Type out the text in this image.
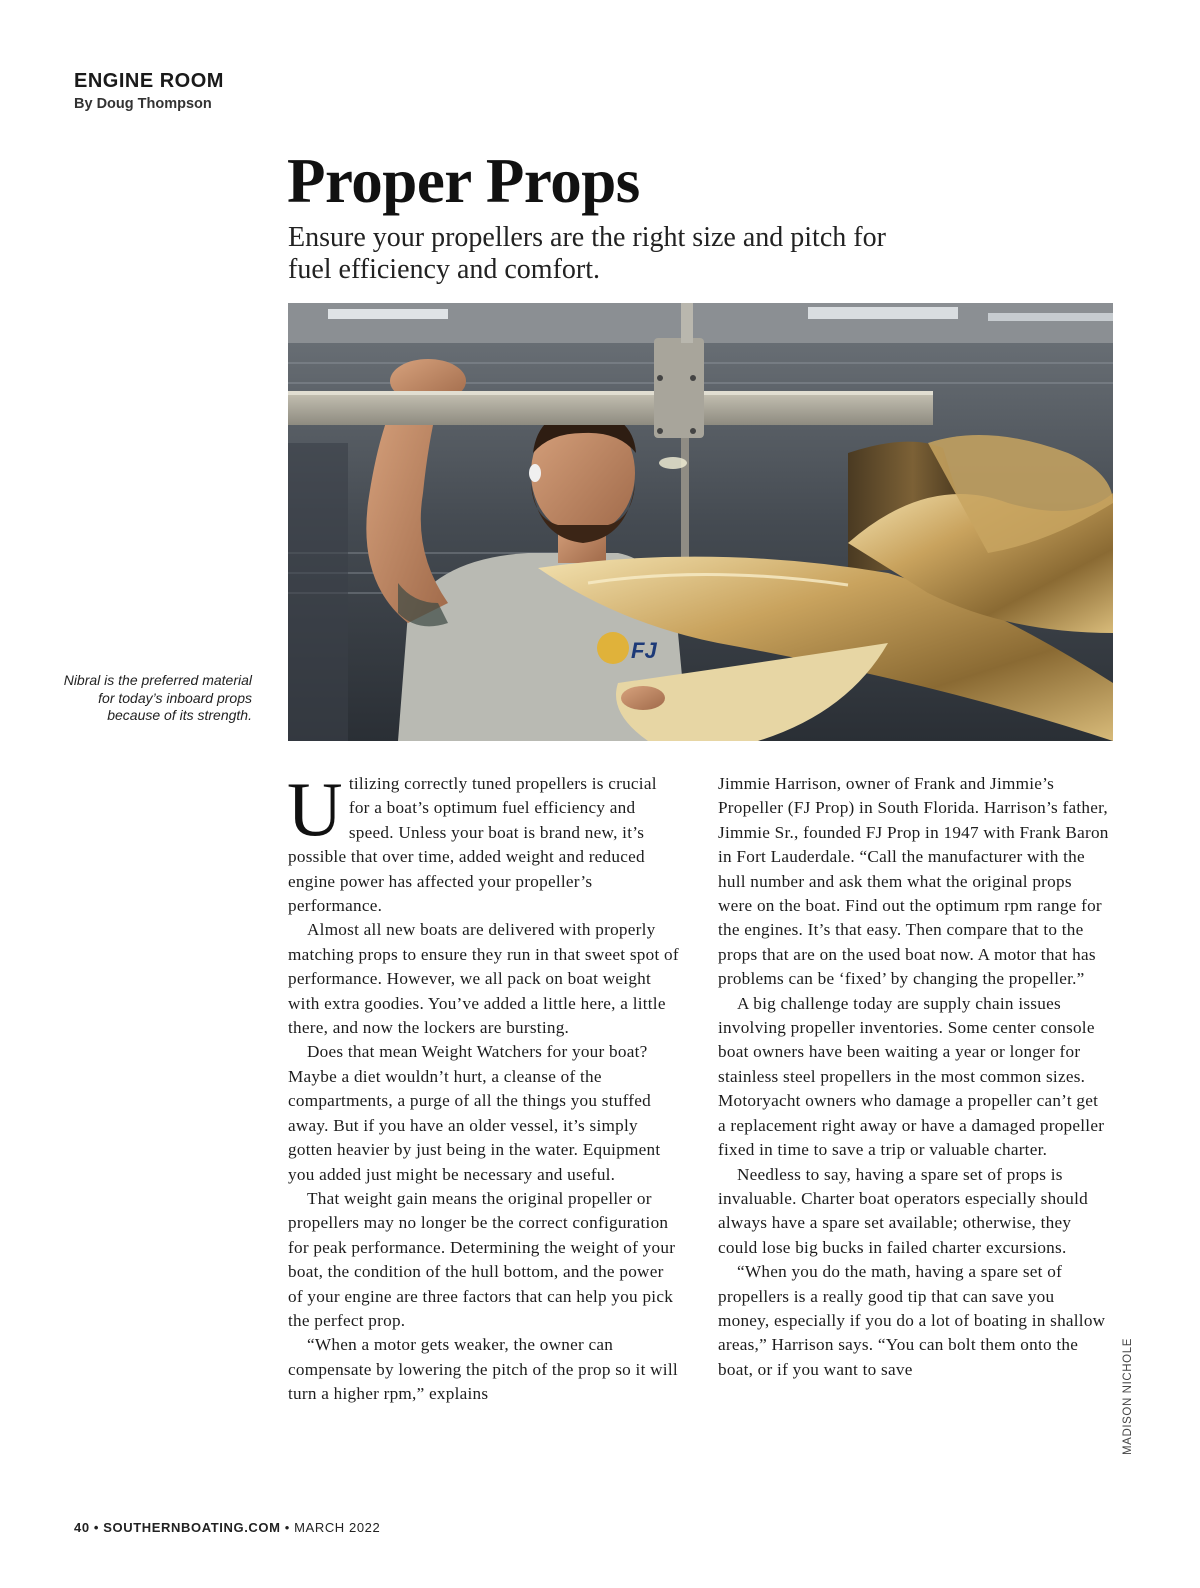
ENGINE ROOM
By Doug Thompson
Proper Props
Ensure your propellers are the right size and pitch for fuel efficiency and comfort.
FJ
Nibral is the preferred material for today’s inboard props because of its strength.

Utilizing correctly tuned propellers is crucial for a boat’s optimum fuel efficiency and speed. Unless your boat is brand new, it’s possible that over time, added weight and reduced engine power has affected your propeller’s performance.

Almost all new boats are delivered with properly matching props to ensure they run in that sweet spot of performance. However, we all pack on boat weight with extra goodies. You’ve added a little here, a little there, and now the lockers are bursting.

Does that mean Weight Watchers for your boat? Maybe a diet wouldn’t hurt, a cleanse of the compartments, a purge of all the things you stuffed away. But if you have an older vessel, it’s simply gotten heavier by just being in the water. Equipment you added just might be necessary and useful.

That weight gain means the original propeller or propellers may no longer be the correct configuration for peak performance. Determining the weight of your boat, the condition of the hull bottom, and the power of your engine are three factors that can help you pick the perfect prop.

“When a motor gets weaker, the owner can compensate by lowering the pitch of the prop so it will turn a higher rpm,” explains

Jimmie Harrison, owner of Frank and Jimmie’s Propeller (FJ Prop) in South Florida. Harrison’s father, Jimmie Sr., founded FJ Prop in 1947 with Frank Baron in Fort Lauderdale. “Call the manufacturer with the hull number and ask them what the original props were on the boat. Find out the optimum rpm range for the engines. It’s that easy. Then compare that to the props that are on the used boat now. A motor that has problems can be ‘fixed’ by changing the propeller.”

A big challenge today are supply chain issues involving propeller inventories. Some center console boat owners have been waiting a year or longer for stainless steel propellers in the most common sizes. Motoryacht owners who damage a propeller can’t get a replacement right away or have a damaged propeller fixed in time to save a trip or valuable charter.

Needless to say, having a spare set of props is invaluable. Charter boat operators especially should always have a spare set available; otherwise, they could lose big bucks in failed charter excursions.

“When you do the math, having a spare set of propellers is a really good tip that can save you money, especially if you do a lot of boating in shallow areas,” Harrison says. “You can bolt them onto the boat, or if you want to save	MADISON NICHOLE
40 • SOUTHERNBOATING.COM • MARCH 2022
